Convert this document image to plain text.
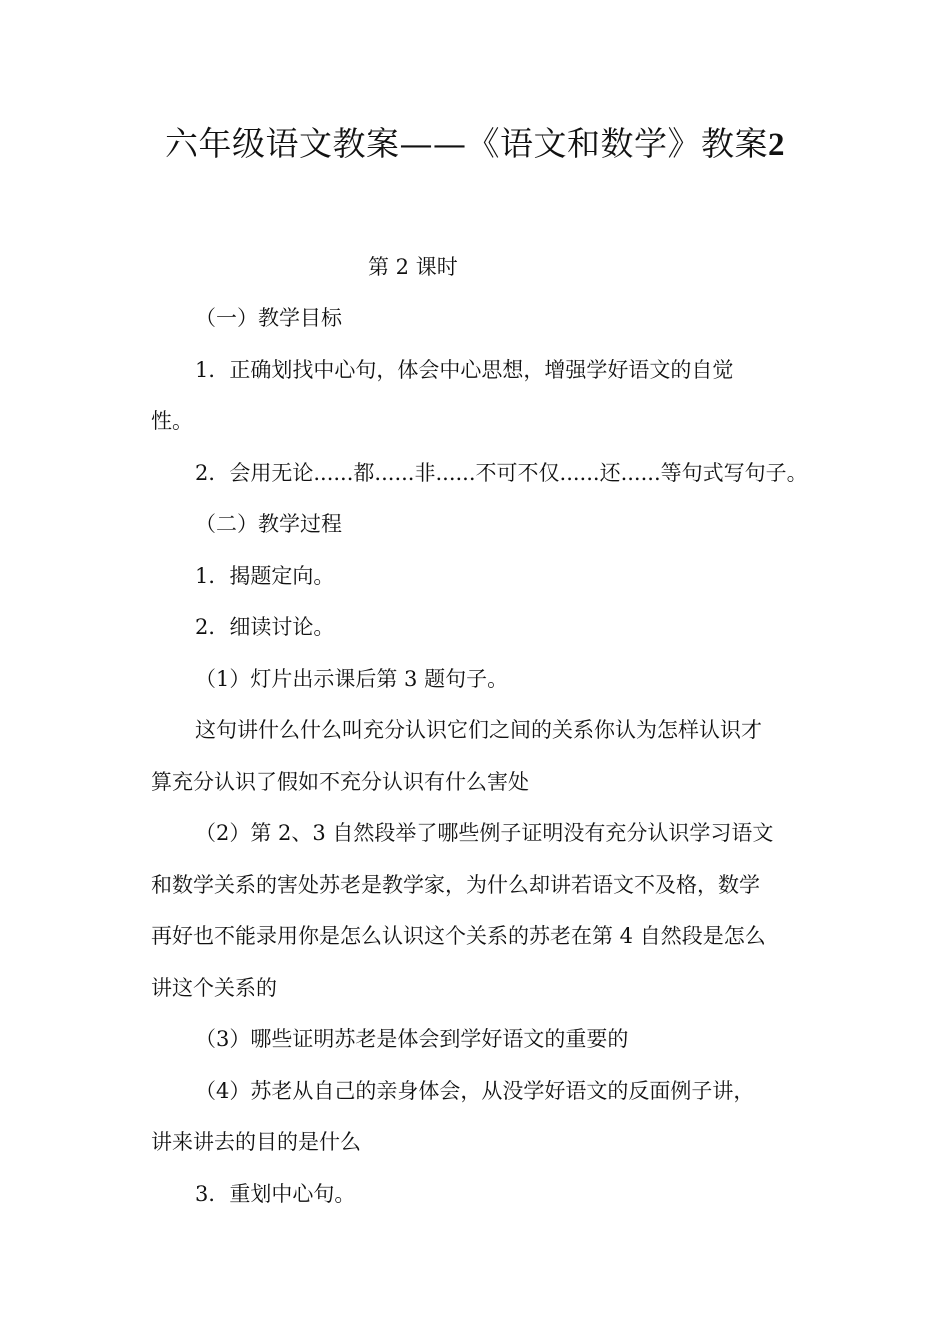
六年级语文教案——《语文和数学》教案2
第 2 课时
（一）教学目标
1．正确划找中心句，体会中心思想，增强学好语文的自觉
性。
2．会用无论......都......非......不可不仅......还......等句式写句子。
（二）教学过程
1．揭题定向。
2．细读讨论。
（1）灯片出示课后第 3 题句子。
这句讲什么什么叫充分认识它们之间的关系你认为怎样认识才
算充分认识了假如不充分认识有什么害处
（2）第 2、3 自然段举了哪些例子证明没有充分认识学习语文
和数学关系的害处苏老是教学家，为什么却讲若语文不及格，数学
再好也不能录用你是怎么认识这个关系的苏老在第 4 自然段是怎么
讲这个关系的
（3）哪些证明苏老是体会到学好语文的重要的
（4）苏老从自己的亲身体会，从没学好语文的反面例子讲，
讲来讲去的目的是什么
3．重划中心句。
